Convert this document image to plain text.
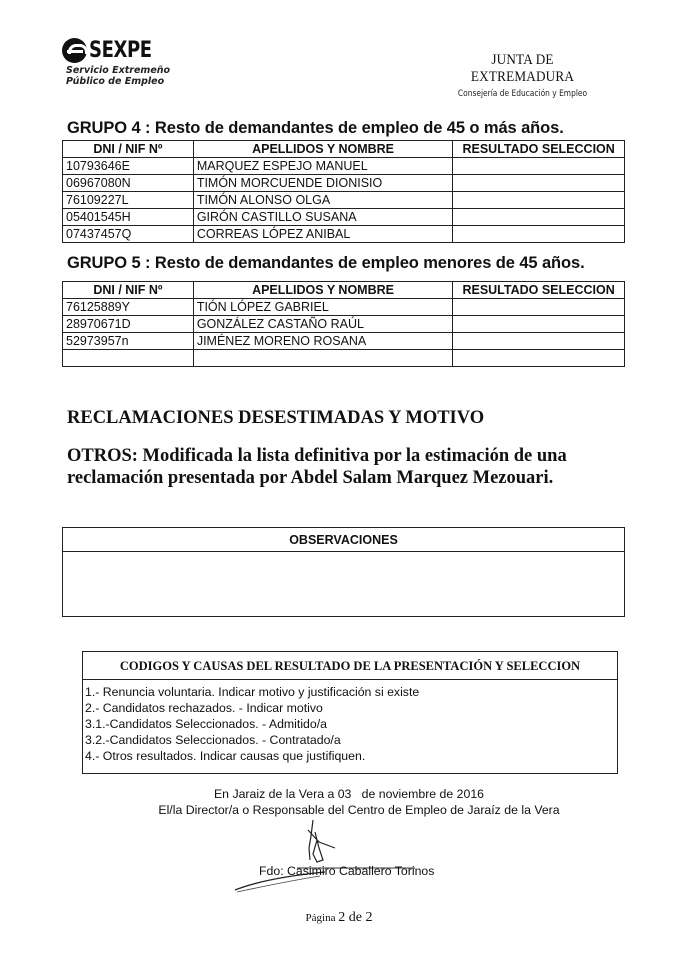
SEXPE
Servicio Extremeño
Público de Empleo
JUNTA DE EXTREMADURA
Consejería de Educación y Empleo
GRUPO 4 : Resto de demandantes de empleo de 45 o más años.
DNI / NIF Nº	APELLIDOS Y NOMBRE	RESULTADO SELECCION
10793646E	MARQUEZ ESPEJO MANUEL	
06967080N	TIMÓN MORCUENDE DIONISIO	
76109227L	TIMÓN ALONSO OLGA	
05401545H	GIRÓN CASTILLO SUSANA	
07437457Q	CORREAS LÓPEZ ANIBAL	
GRUPO 5 : Resto de demandantes de empleo menores de 45 años.
DNI / NIF Nº	APELLIDOS Y NOMBRE	RESULTADO SELECCION
76125889Y	TIÓN LÓPEZ GABRIEL	
28970671D	GONZÁLEZ CASTAÑO RAÚL	
52973957n	JIMÉNEZ MORENO ROSANA	

RECLAMACIONES DESESTIMADAS Y MOTIVO
OTROS: Modificada la lista definitiva por la estimación de una
reclamación presentada por Abdel Salam Marquez Mezouari.
OBSERVACIONES
CODIGOS Y CAUSAS DEL RESULTADO DE LA PRESENTACIÓN Y SELECCION
1.- Renuncia voluntaria. Indicar motivo y justificación si existe
2.- Candidatos rechazados. - Indicar motivo
3.1.-Candidatos Seleccionados. - Admitido/a
3.2.-Candidatos Seleccionados. - Contratado/a
4.- Otros resultados. Indicar causas que justifiquen.
En Jaraiz de la Vera a 03   de noviembre de 2016
El/la Director/a o Responsable del Centro de Empleo de Jaraíz de la Vera
Fdo: Casimiro Caballero Torinos
Página 2 de 2
